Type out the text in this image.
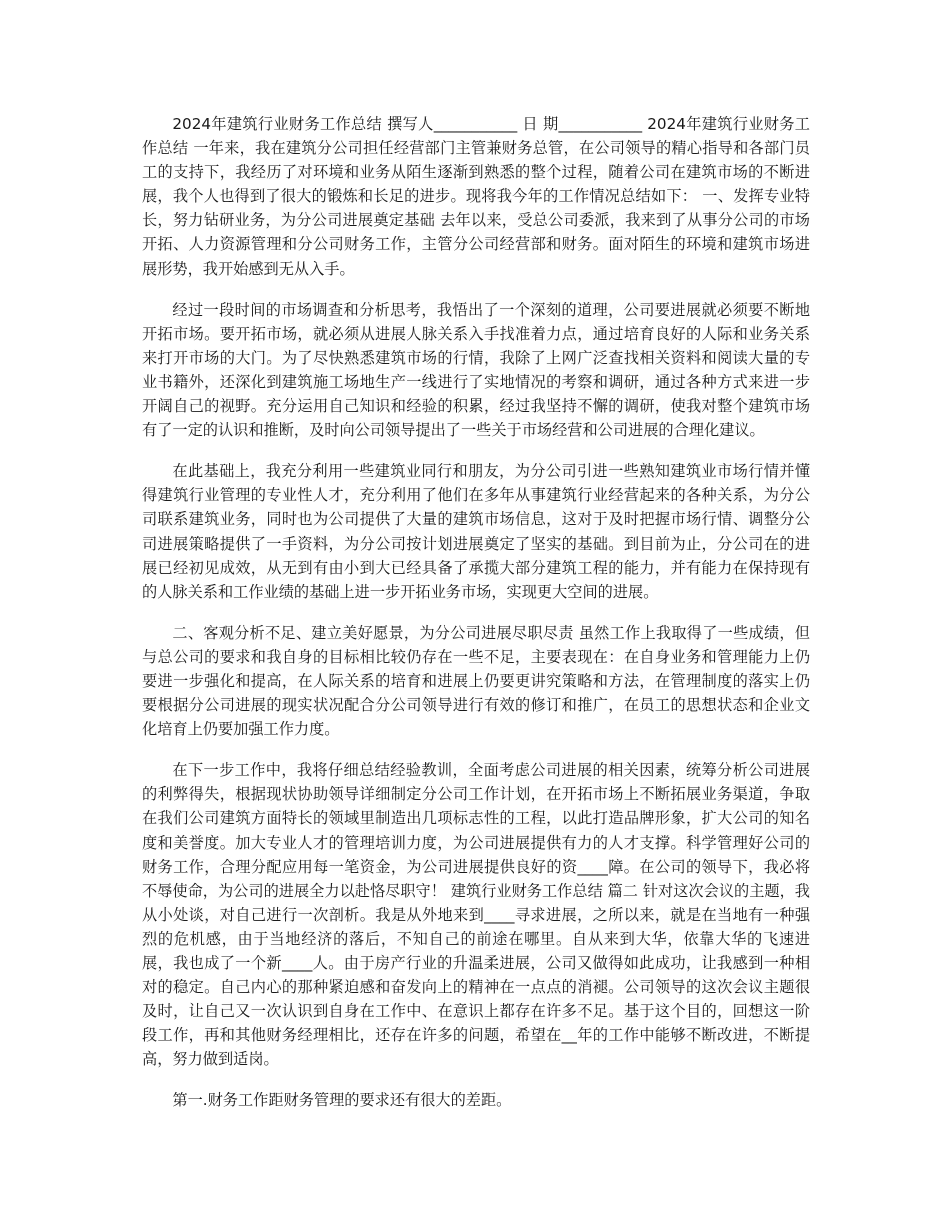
2024年建筑行业财务工作总结 撰写人___________ 日 期___________ 2024年建筑行业财务工作总结 一年来，我在建筑分公司担任经营部门主管兼财务总管，在公司领导的精心指导和各部门员工的支持下，我经历了对环境和业务从陌生逐渐到熟悉的整个过程，随着公司在建筑市场的不断进展，我个人也得到了很大的锻炼和长足的进步。现将我今年的工作情况总结如下： 一、发挥专业特长，努力钻研业务，为分公司进展奠定基础 去年以来，受总公司委派，我来到了从事分公司的市场开拓、人力资源管理和分公司财务工作，主管分公司经营部和财务。面对陌生的环境和建筑市场进展形势，我开始感到无从入手。

经过一段时间的市场调查和分析思考，我悟出了一个深刻的道理，公司要进展就必须要不断地开拓市场。要开拓市场，就必须从进展人脉关系入手找准着力点，通过培育良好的人际和业务关系来打开市场的大门。为了尽快熟悉建筑市场的行情，我除了上网广泛查找相关资料和阅读大量的专业书籍外，还深化到建筑施工场地生产一线进行了实地情况的考察和调研，通过各种方式来进一步开阔自己的视野。充分运用自己知识和经验的积累，经过我坚持不懈的调研，使我对整个建筑市场有了一定的认识和推断，及时向公司领导提出了一些关于市场经营和公司进展的合理化建议。

在此基础上，我充分利用一些建筑业同行和朋友，为分公司引进一些熟知建筑业市场行情并懂得建筑行业管理的专业性人才，充分利用了他们在多年从事建筑行业经营起来的各种关系，为分公司联系建筑业务，同时也为公司提供了大量的建筑市场信息，这对于及时把握市场行情、调整分公司进展策略提供了一手资料，为分公司按计划进展奠定了坚实的基础。到目前为止，分公司在的进展已经初见成效，从无到有由小到大已经具备了承揽大部分建筑工程的能力，并有能力在保持现有的人脉关系和工作业绩的基础上进一步开拓业务市场，实现更大空间的进展。

二、客观分析不足、建立美好愿景，为分公司进展尽职尽责 虽然工作上我取得了一些成绩，但与总公司的要求和我自身的目标相比较仍存在一些不足，主要表现在：在自身业务和管理能力上仍要进一步强化和提高，在人际关系的培育和进展上仍要更讲究策略和方法，在管理制度的落实上仍要根据分公司进展的现实状况配合分公司领导进行有效的修订和推广，在员工的思想状态和企业文化培育上仍要加强工作力度。

在下一步工作中，我将仔细总结经验教训，全面考虑公司进展的相关因素，统筹分析公司进展的利弊得失，根据现状协助领导详细制定分公司工作计划，在开拓市场上不断拓展业务渠道，争取在我们公司建筑方面特长的领域里制造出几项标志性的工程，以此打造品牌形象，扩大公司的知名度和美誉度。加大专业人才的管理培训力度，为公司进展提供有力的人才支撑。科学管理好公司的财务工作，合理分配应用每一笔资金，为公司进展提供良好的资____障。在公司的领导下，我必将不辱使命，为公司的进展全力以赴恪尽职守！ 建筑行业财务工作总结 篇二 针对这次会议的主题，我从小处谈，对自己进行一次剖析。我是从外地来到____寻求进展，之所以来，就是在当地有一种强烈的危机感，由于当地经济的落后，不知自己的前途在哪里。自从来到大华，依靠大华的飞速进展，我也成了一个新____人。由于房产行业的升温柔进展，公司又做得如此成功，让我感到一种相对的稳定。自己内心的那种紧迫感和奋发向上的精神在一点点的消褪。公司领导的这次会议主题很及时，让自己又一次认识到自身在工作中、在意识上都存在许多不足。基于这个目的，回想这一阶段工作，再和其他财务经理相比，还存在许多的问题，希望在__年的工作中能够不断改进，不断提高，努力做到适岗。

第一.财务工作距财务管理的要求还有很大的差距。
